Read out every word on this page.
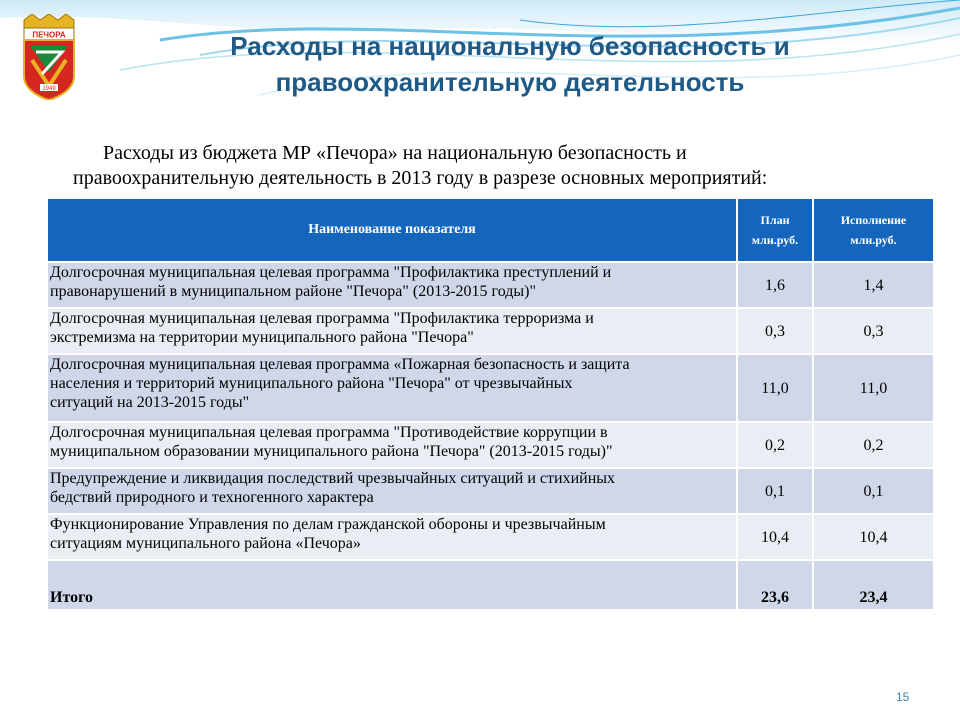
ПЕЧОРА
1949
Расходы на национальную безопасность и
правоохранительную деятельность
Расходы из бюджета МР «Печора» на национальную безопасность и
правоохранительную деятельность в 2013 году в разрезе основных мероприятий:
Наименование показателя	План млн.руб.	Исполнение
млн.руб.

Долгосрочная муниципальная целевая программа "Профилактика преступлений и
правонарушений в муниципальном районе "Печора" (2013-2015 годы)"	1,6	1,4

Долгосрочная муниципальная целевая программа "Профилактика терроризма и
экстремизма на территории муниципального района "Печора"	0,3	0,3

Долгосрочная муниципальная целевая программа «Пожарная безопасность и защита
населения и территорий муниципального района "Печора" от чрезвычайных
ситуаций на 2013-2015 годы"	11,0	11,0

Долгосрочная муниципальная целевая программа "Противодействие коррупции в
муниципальном образовании муниципального района "Печора" (2013-2015 годы)"	0,2	0,2

Предупреждение и ликвидация последствий чрезвычайных ситуаций и стихийных
бедствий природного и техногенного характера	0,1	0,1

Функционирование Управления по делам гражданской обороны и чрезвычайным
ситуациям муниципального района «Печора»	10,4	10,4
Итого	23,6	23,4
15
